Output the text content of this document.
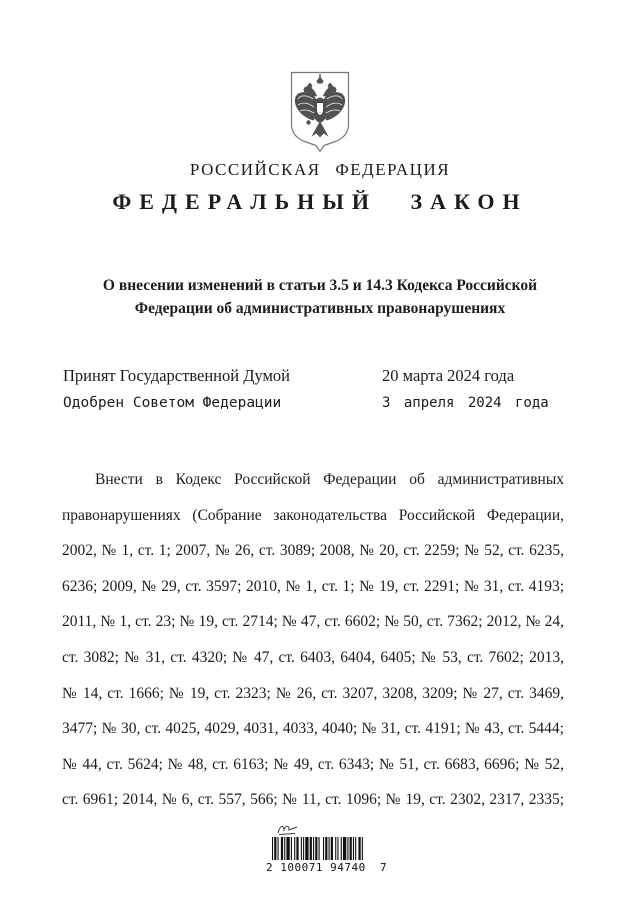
РОССИЙСКАЯ ФЕДЕРАЦИЯ
ФЕДЕРАЛЬНЫЙ ЗАКОН
О внесении изменений в статьи 3.5 и 14.3 Кодекса Российской
Федерации об административных правонарушениях
Принят Государственной Думой	20 марта 2024 года
Одобрен Советом Федерации	3 апреля 2024 года
Внести в Кодекс Российской Федерации об административных
правонарушениях (Собрание законодательства Российской Федерации,
2002, № 1, ст. 1; 2007, № 26, ст. 3089; 2008, № 20, ст. 2259; № 52, ст. 6235,
6236; 2009, № 29, ст. 3597; 2010, № 1, ст. 1; № 19, ст. 2291; № 31, ст. 4193;
2011, № 1, ст. 23; № 19, ст. 2714; № 47, ст. 6602; № 50, ст. 7362; 2012, № 24,
ст. 3082; № 31, ст. 4320; № 47, ст. 6403, 6404, 6405; № 53, ст. 7602; 2013,
№ 14, ст. 1666; № 19, ст. 2323; № 26, ст. 3207, 3208, 3209; № 27, ст. 3469,
3477; № 30, ст. 4025, 4029, 4031, 4033, 4040; № 31, ст. 4191; № 43, ст. 5444;
№ 44, ст. 5624; № 48, ст. 6163; № 49, ст. 6343; № 51, ст. 6683, 6696; № 52,
ст. 6961; 2014, № 6, ст. 557, 566; № 11, ст. 1096; № 19, ст. 2302, 2317, 2335;
2 100071 94740  7
